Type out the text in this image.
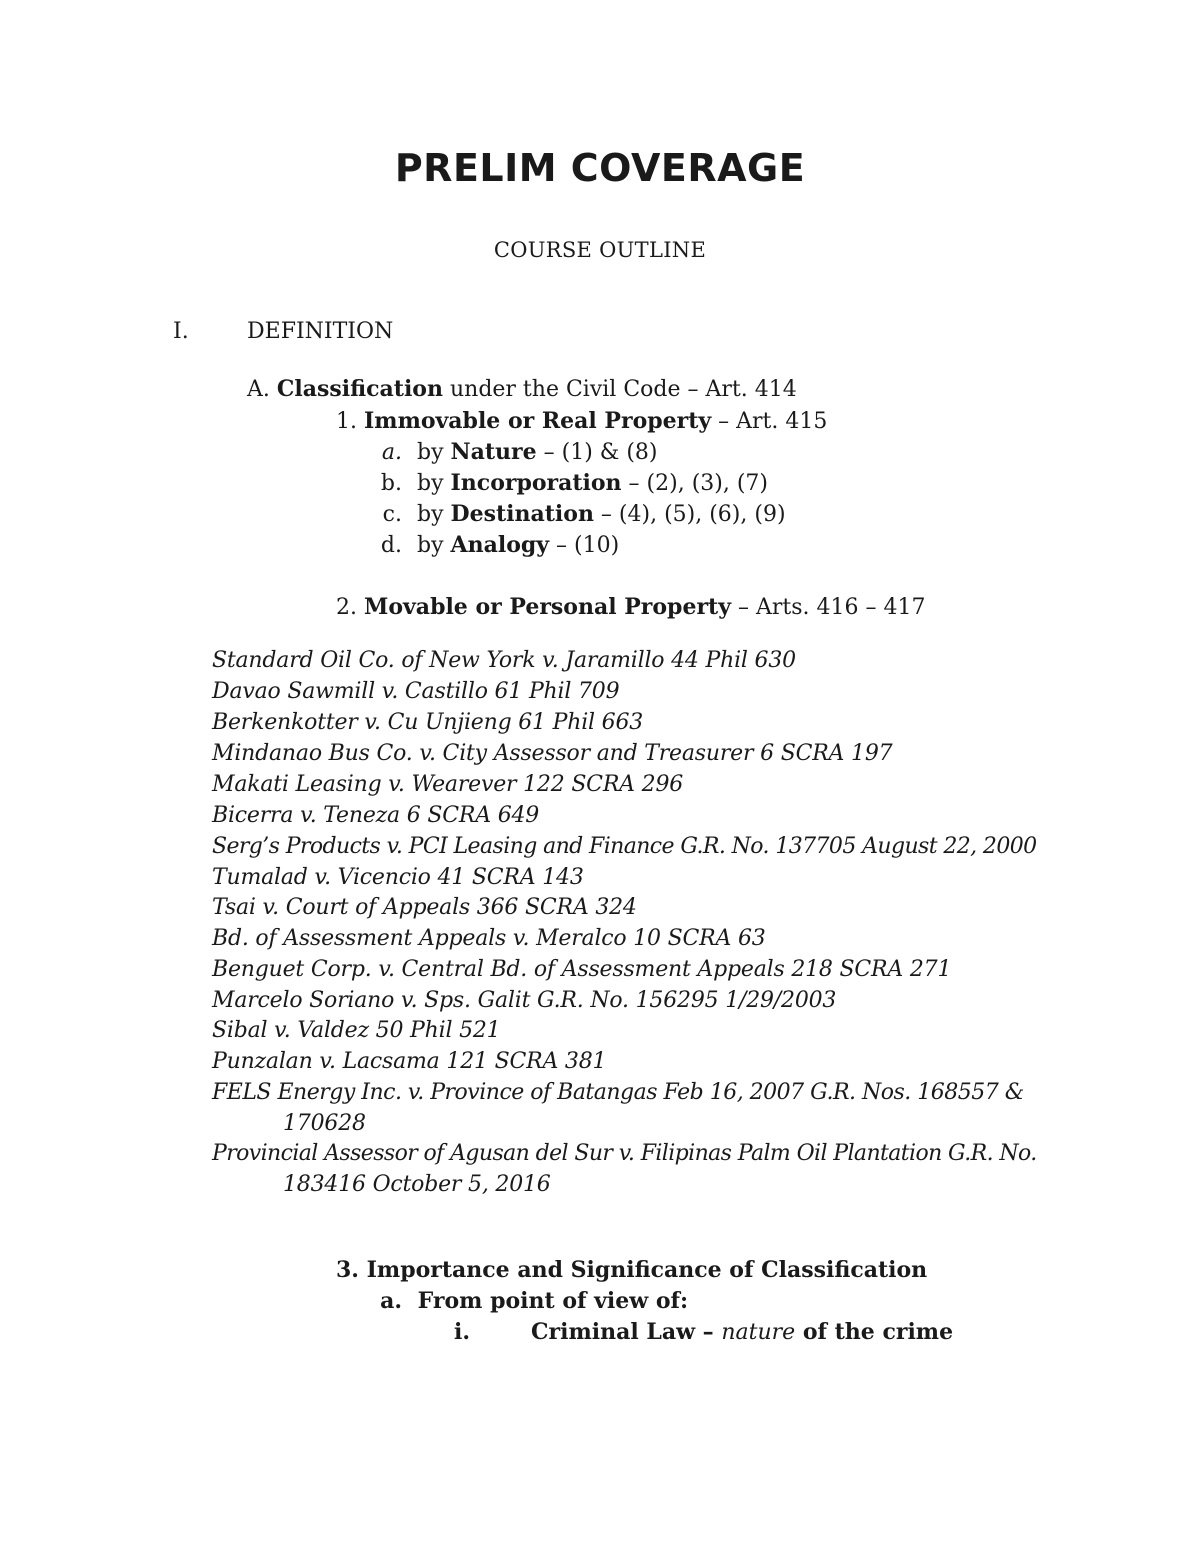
PRELIM COVERAGE
COURSE OUTLINE
I.	DEFINITION
A. Classification under the Civil Code – Art. 414
1. Immovable or Real Property – Art. 415
a. by Nature – (1) & (8)
b. by Incorporation – (2), (3), (7)
c. by Destination – (4), (5), (6), (9)
d. by Analogy – (10)
2. Movable or Personal Property – Arts. 416 – 417
Standard Oil Co. of New York v. Jaramillo 44 Phil 630
Davao Sawmill v. Castillo 61 Phil 709
Berkenkotter v. Cu Unjieng 61 Phil 663
Mindanao Bus Co. v. City Assessor and Treasurer 6 SCRA 197
Makati Leasing v. Wearever 122 SCRA 296
Bicerra v. Teneza 6 SCRA 649
Serg’s Products v. PCI Leasing and Finance G.R. No. 137705 August 22, 2000
Tumalad v. Vicencio 41 SCRA 143
Tsai v. Court of Appeals 366 SCRA 324
Bd. of Assessment Appeals v. Meralco 10 SCRA 63
Benguet Corp. v. Central Bd. of Assessment Appeals 218 SCRA 271
Marcelo Soriano v. Sps. Galit G.R. No. 156295 1/29/2003
Sibal v. Valdez 50 Phil 521
Punzalan v. Lacsama 121 SCRA 381
FELS Energy Inc. v. Province of Batangas Feb 16, 2007 G.R. Nos. 168557 &
170628
Provincial Assessor of Agusan del Sur v. Filipinas Palm Oil Plantation G.R. No.
183416 October 5, 2016
3. Importance and Significance of Classification
a. From point of view of:
i.	Criminal Law – nature of the crime
